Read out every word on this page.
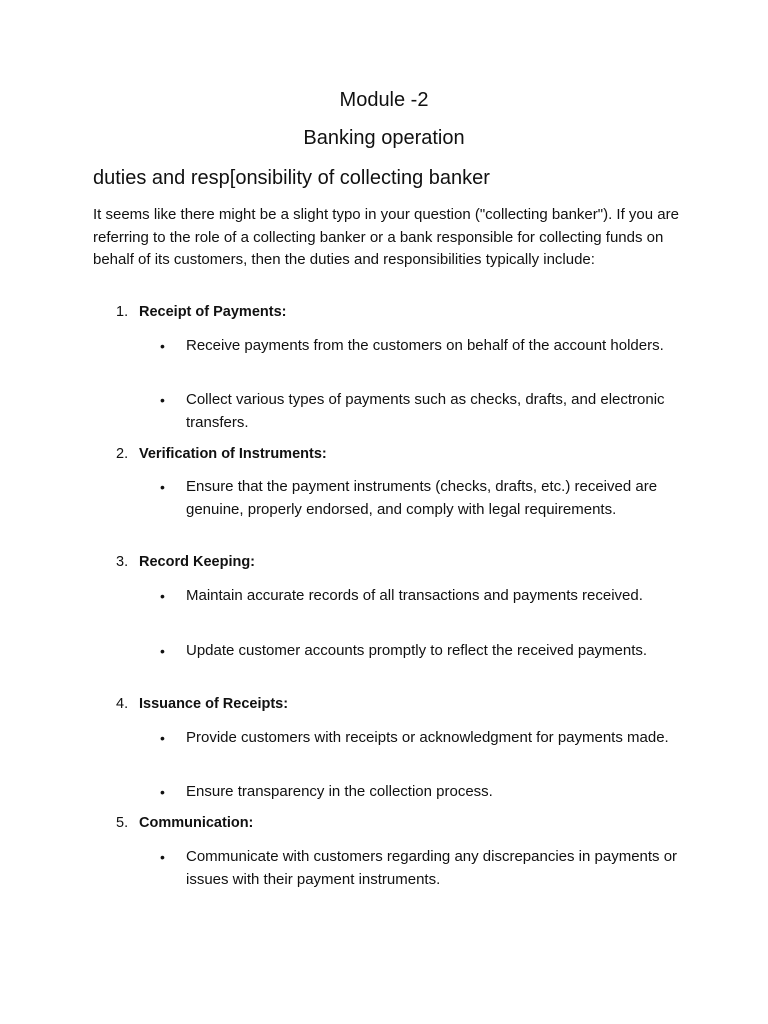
Module -2
Banking operation
duties and resp[onsibility of collecting banker

It seems like there might be a slight typo in your question ("collecting banker"). If you are referring to the role of a collecting banker or a bank responsible for collecting funds on behalf of its customers, then the duties and responsibilities typically include:

1. Receipt of Payments:
•	Receive payments from the customers on behalf of the account holders.
•	Collect various types of payments such as checks, drafts, and electronic transfers.
2. Verification of Instruments:
•	Ensure that the payment instruments (checks, drafts, etc.) received are genuine, properly endorsed, and comply with legal requirements.
3. Record Keeping:
•	Maintain accurate records of all transactions and payments received.
•	Update customer accounts promptly to reflect the received payments.
4. Issuance of Receipts:
•	Provide customers with receipts or acknowledgment for payments made.
•	Ensure transparency in the collection process.
5. Communication:
•	Communicate with customers regarding any discrepancies in payments or issues with their payment instruments.
